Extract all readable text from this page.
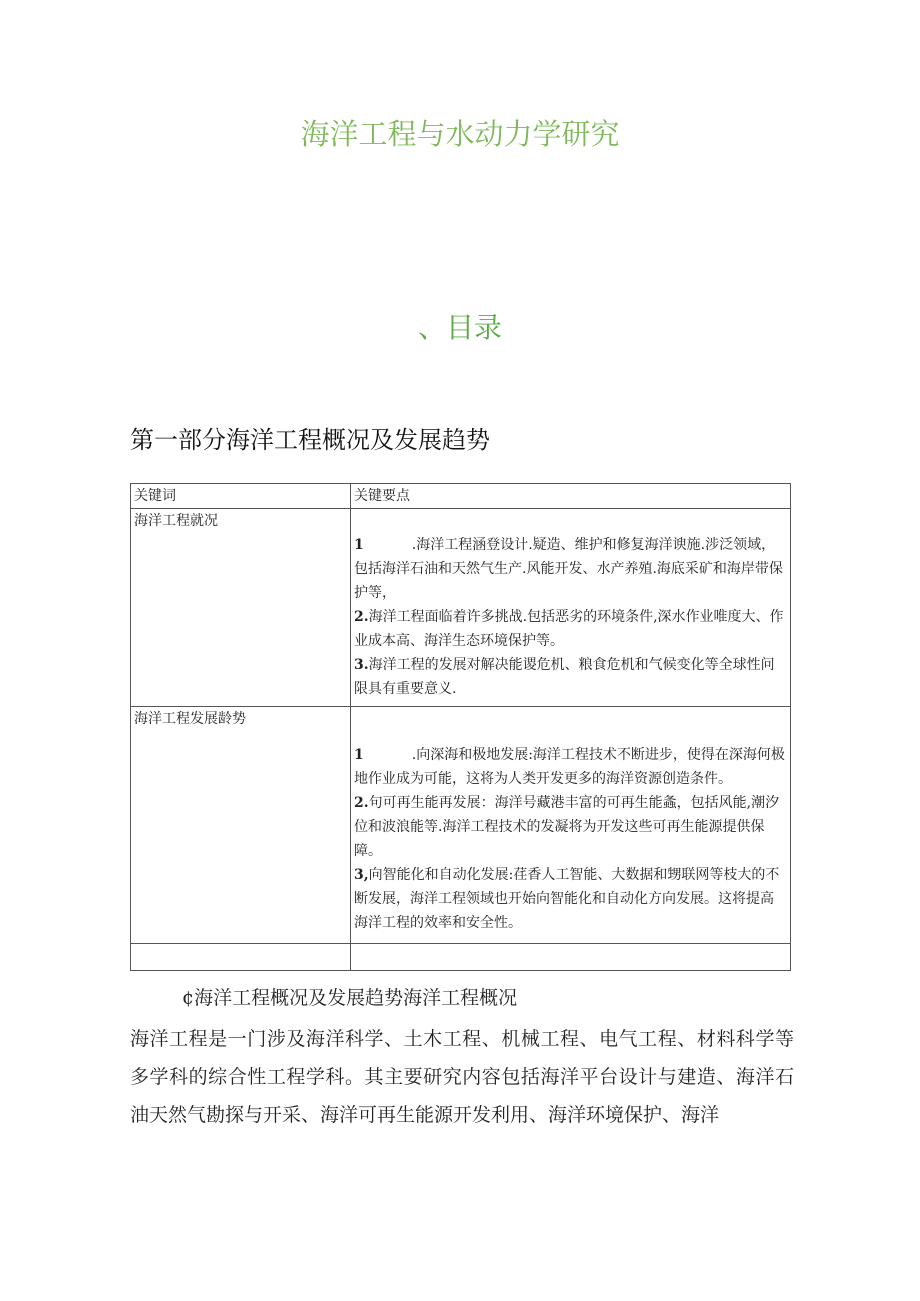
海洋工程与水动力学研究
、目录
第一部分海洋工程概况及发展趋势
关键词	关键要点
海洋工程就况	1 .海洋工程涵登设计.疑造、维护和修复海洋谀施.涉泛领域，包括海洋石油和天然气生产.风能开发、水产养殖.海底采矿和海岸带保护等，

2.海洋工程面临着许多挑战.包括恶劣的环境条件,深水作业唯度大、作业成本高、海洋生态环境保护等。

3.海洋工程的发展对解决能谡危机、粮食危机和气候变化等全球性问限具有重要意义.

海洋工程发展龄势	1 .向深海和极地发展:海洋工程技术不断进步，使得在深海何极地作业成为可能，这将为人类开发更多的海洋资源创造条件。

2.句可再生能再发展：海洋号藏港丰富的可再生能螽，包括风能,潮汐位和波浪能等.海洋工程技术的发凝将为开发这些可再生能源提供保障。

3,向智能化和自动化发展:荏香人工智能、大数据和甥联网等枝大的不断发展，海洋工程领域也开始向智能化和自动化方向发展。这将提高海洋工程的效率和安全性。

¢海洋工程概况及发展趋势海洋工程概况
海洋工程是一门涉及海洋科学、土木工程、机械工程、电气工程、材料科学等多学科的综合性工程学科。其主要研究内容包括海洋平台设计与建造、海洋石油天然气勘探与开采、海洋可再生能源开发利用、海洋环境保护、海洋
